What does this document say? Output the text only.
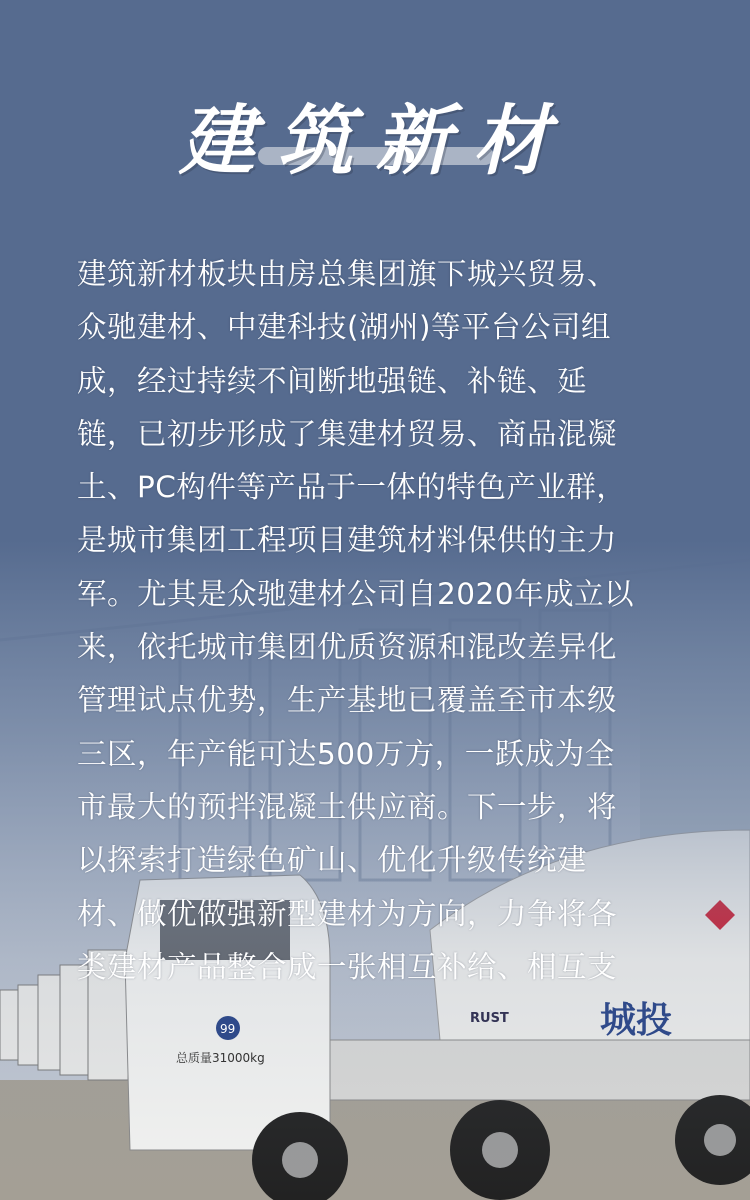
城投
RUST
99
总质量31000kg
建筑新材
建筑新材板块由房总集团旗下城兴贸易、
众驰建材、中建科技(湖州)等平台公司组
成，经过持续不间断地强链、补链、延
链，已初步形成了集建材贸易、商品混凝
土、PC构件等产品于一体的特色产业群，
是城市集团工程项目建筑材料保供的主力
军。尤其是众驰建材公司自2020年成立以
来，依托城市集团优质资源和混改差异化
管理试点优势，生产基地已覆盖至市本级
三区，年产能可达500万方，一跃成为全
市最大的预拌混凝土供应商。下一步，将
以探索打造绿色矿山、优化升级传统建
材、做优做强新型建材为方向，力争将各
类建材产品整合成一张相互补给、相互支
